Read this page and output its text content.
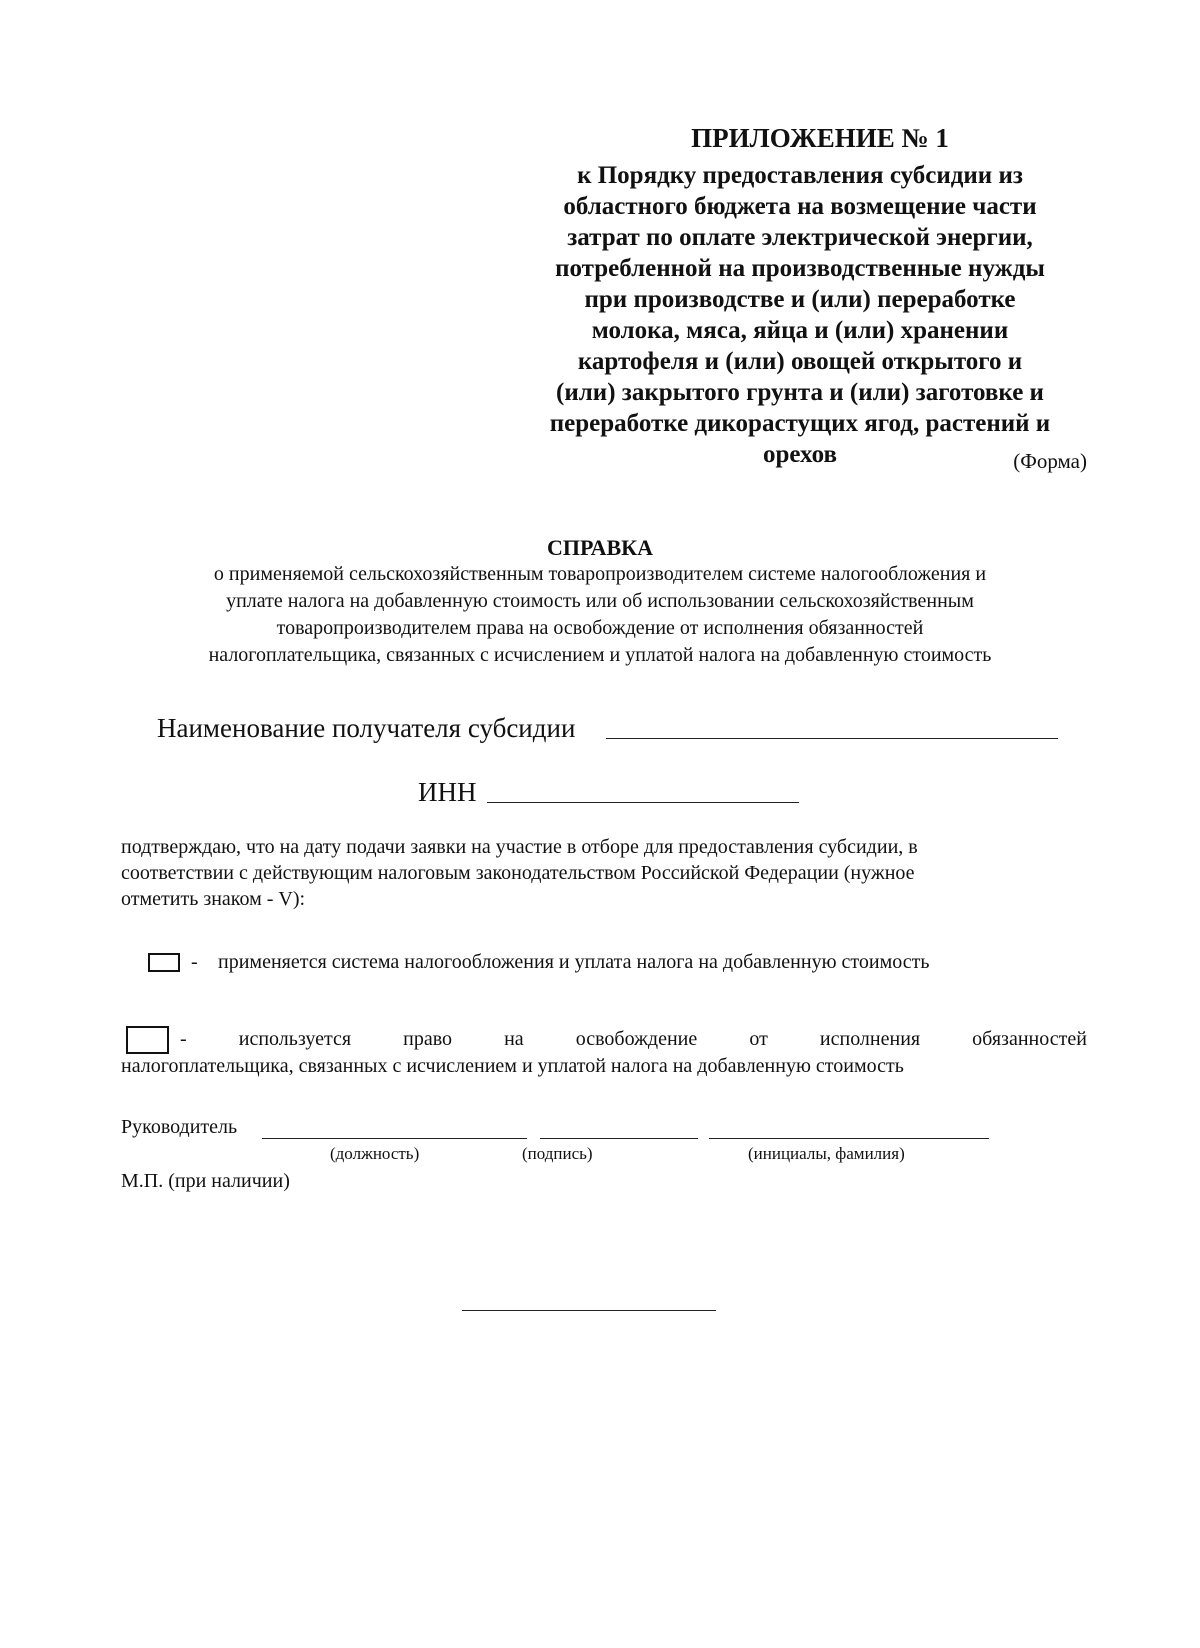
ПРИЛОЖЕНИЕ № 1
к Порядку предоставления субсидии из
областного бюджета на возмещение части
затрат по оплате электрической энергии,
потребленной на производственные нужды
при производстве и (или) переработке
молока, мяса, яйца и (или) хранении
картофеля и (или) овощей открытого и
(или) закрытого грунта и (или) заготовке и
переработке дикорастущих ягод, растений и
орехов	(Форма)
СПРАВКА
о применяемой сельскохозяйственным товаропроизводителем системе налогообложения и
уплате налога на добавленную стоимость или об использовании сельскохозяйственным
товаропроизводителем права на освобождение от исполнения обязанностей
налогоплательщика, связанных с исчислением и уплатой налога на добавленную стоимость
Наименование получателя субсидии
ИНН
подтверждаю, что на дату подачи заявки на участие в отборе для предоставления субсидии, в
соответствии с действующим налоговым законодательством Российской Федерации (нужное
отметить знаком - V):
- применяется система налогообложения и уплата налога на добавленную стоимость
-	используется	право	на	освобождение	от	исполнения	обязанностей
налогоплательщика, связанных с исчислением и уплатой налога на добавленную стоимость
Руководитель
(должность)	(подпись)	(инициалы, фамилия)
М.П. (при наличии)
